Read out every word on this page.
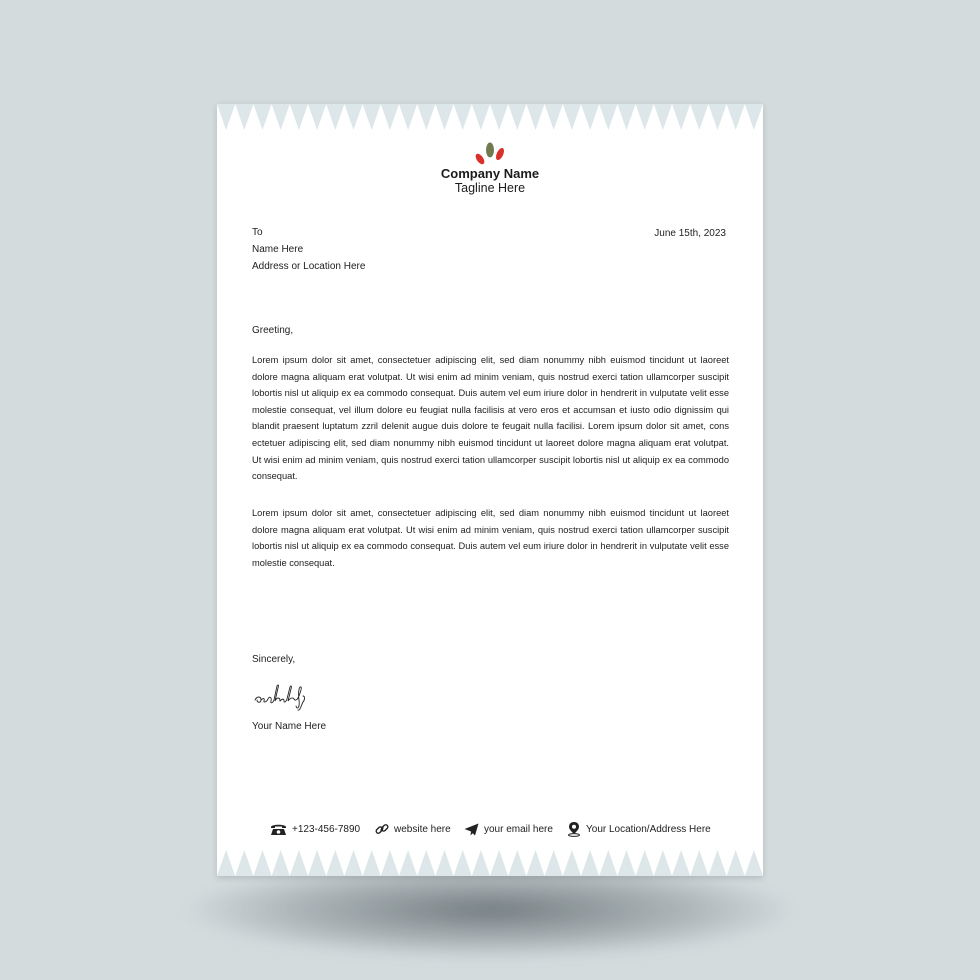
Company Name
Tagline Here
To
Name Here
Address or Location Here
June 15th, 2023
Greeting,
Lorem ipsum dolor sit amet, consectetuer adipiscing elit, sed diam nonummy nibh euismod tincidunt ut laoreet dolore magna aliquam erat volutpat. Ut wisi enim ad minim veniam, quis nostrud exerci tation ullamcorper suscipit lobortis nisl ut aliquip ex ea commodo consequat. Duis autem vel eum iriure dolor in hendrerit in vulputate velit esse molestie consequat, vel illum dolore eu feugiat nulla facilisis at vero eros et accumsan et iusto odio dignissim qui blandit praesent luptatum zzril delenit augue duis dolore te feugait nulla facilisi. Lorem ipsum dolor sit amet, cons ectetuer adipiscing elit, sed diam nonummy nibh euismod tincidunt ut laoreet dolore magna aliquam erat volutpat. Ut wisi enim ad minim veniam, quis nostrud exerci tation ullamcorper suscipit lobortis nisl ut aliquip ex ea commodo consequat.
Lorem ipsum dolor sit amet, consectetuer adipiscing elit, sed diam nonummy nibh euismod tincidunt ut laoreet dolore magna aliquam erat volutpat. Ut wisi enim ad minim veniam, quis nostrud exerci tation ullamcorper suscipit lobortis nisl ut aliquip ex ea commodo consequat. Duis autem vel eum iriure dolor in hendrerit in vulputate velit esse molestie consequat.
Sincerely,
Your Name Here
+123-456-7890	website here	your email here	Your Location/Address Here
